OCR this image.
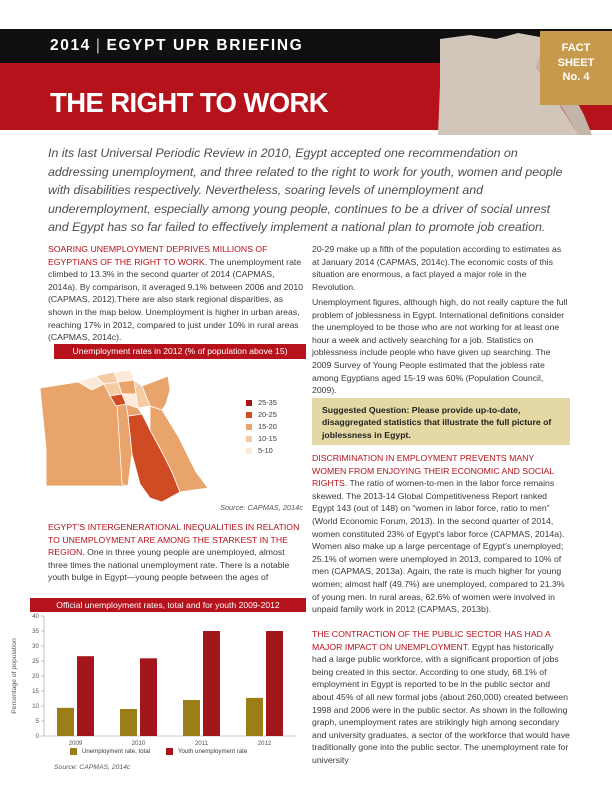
2014 | EGYPT UPR BRIEFING
THE RIGHT TO WORK
FACT
SHEET
No. 4
In its last Universal Periodic Review in 2010, Egypt accepted one recommendation on addressing unemployment, and three related to the right to work for youth, women and people with disabilities respectively. Nevertheless, soaring levels of unemployment and underemployment, especially among young people, continues to be a driver of social unrest and Egypt has so far failed to effectively implement a national plan to promote job creation.
SOARING UNEMPLOYMENT DEPRIVES MILLIONS OF EGYPTIANS OF THE RIGHT TO WORK. The unemployment rate climbed to 13.3% in the second quarter of 2014 (CAPMAS, 2014a). By comparison, it averaged 9.1% between 2006 and 2010 (CAPMAS, 2012).There are also stark regional disparities, as shown in the map below. Unemployment is higher in urban areas, reaching 17% in 2012, compared to just under 10% in rural areas (CAPMAS, 2014c).
Unemployment rates in 2012 (% of population above 15)
25-35
20-25
15-20
10-15
5-10
Source: CAPMAS, 2014c
EGYPT’S INTERGENERATIONAL INEQUALITIES IN RELATION TO UNEMPLOYMENT ARE AMONG THE STARKEST IN THE REGION. One in three young people are unemployed, almost three times the national unemployment rate. There is a notable youth bulge in Egypt—young people between the ages of
Official unemployment rates, total and for youth 2009-2012
0
5
10
15
20
25
30
35
40
Percentage of population
2009	2010	2011	2012
Unemployment rate, total	Youth unemployment rate
Source: CAPMAS, 2014c
20-29 make up a fifth of the population according to estimates as at January 2014 (CAPMAS, 2014c).The economic costs of this situation are enormous, a fact played a major role in the Revolution.
Unemployment figures, although high, do not really capture the full problem of joblessness in Egypt. International definitions consider the unemployed to be those who are not working for at least one hour a week and actively searching for a job. Statistics on joblessness include people who have given up searching. The 2009 Survey of Young People estimated that the jobless rate among Egyptians aged 15-19 was 60% (Population Council, 2009).
Suggested Question: Please provide up-to-date, disaggregated statistics that illustrate the full picture of joblessness in Egypt.
DISCRIMINATION IN EMPLOYMENT PREVENTS MANY WOMEN FROM ENJOYING THEIR ECONOMIC AND SOCIAL RIGHTS. The ratio of women-to-men in the labor force remains skewed. The 2013-14 Global Competitiveness Report ranked Egypt 143 (out of 148) on “women in labor force, ratio to men” (World Economic Forum, 2013). In the second quarter of 2014, women constituted 23% of Egypt’s labor force (CAPMAS, 2014a). Women also make up a large percentage of Egypt’s unemployed; 25.1% of women were unemployed in 2013, compared to 10% of men (CAPMAS, 2013a). Again, the rate is much higher for young women; almost half (49.7%) are unemployed, compared to 21.3% of young men. In rural areas, 62.6% of women were involved in unpaid family work in 2012 (CAPMAS, 2013b).
THE CONTRACTION OF THE PUBLIC SECTOR HAS HAD A MAJOR IMPACT ON UNEMPLOYMENT. Egypt has historically had a large public workforce, with a significant proportion of jobs being created in this sector. According to one study, 68.1% of employment in Egypt is reported to be in the public sector and about 45% of all new formal jobs (about 260,000) created between 1998 and 2006 were in the public sector. As shown in the following graph, unemployment rates are strikingly high among secondary and university graduates, a sector of the workforce that would have traditionally gone into the public sector. The unemployment rate for university
